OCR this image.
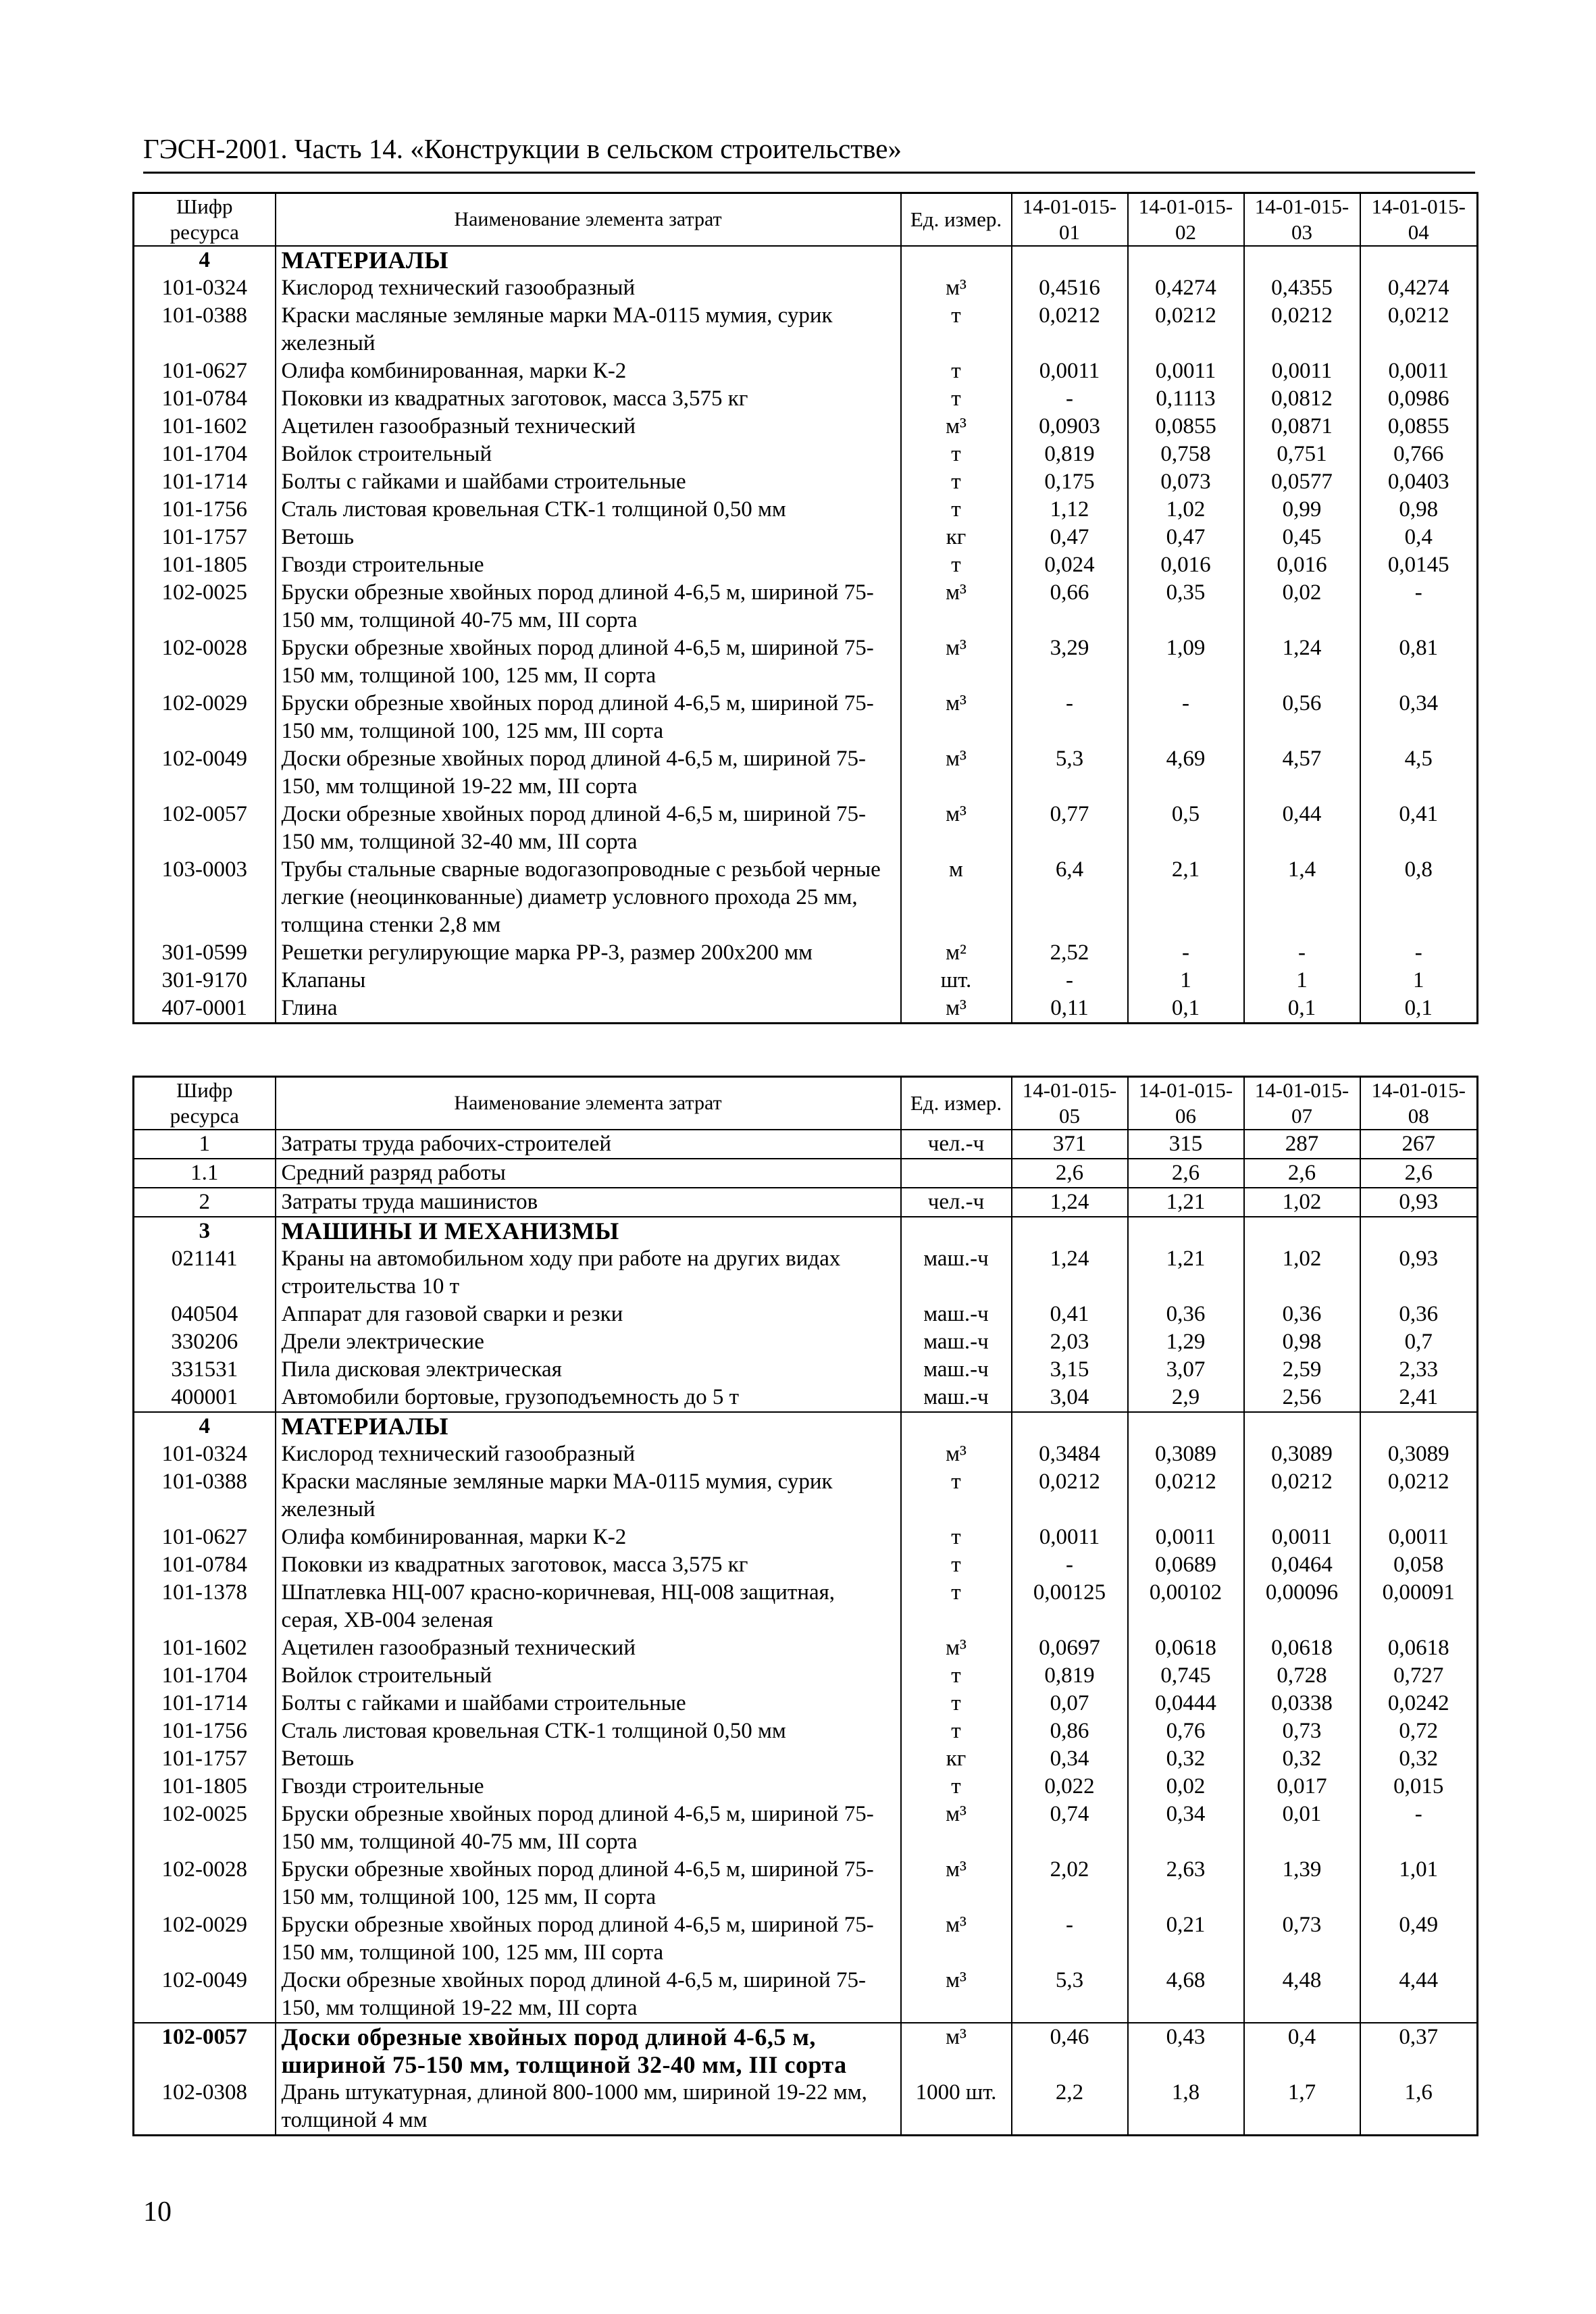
ГЭСН-2001. Часть 14. «Конструкции в сельском строительстве»
Шифр ресурса	Наименование элемента затрат	Ед. измер.	14-01-015-01	14-01-015-02	14-01-015-03	14-01-015-04
4	МАТЕРИАЛЫ					
101-0324	Кислород технический газообразный	м³	0,4516	0,4274	0,4355	0,4274
101-0388	Краски масляные земляные марки МА-0115 мумия, сурик железный	т	0,0212	0,0212	0,0212	0,0212
101-0627	Олифа комбинированная, марки К-2	т	0,0011	0,0011	0,0011	0,0011
101-0784	Поковки из квадратных заготовок, масса 3,575 кг	т	-	0,1113	0,0812	0,0986
101-1602	Ацетилен газообразный технический	м³	0,0903	0,0855	0,0871	0,0855
101-1704	Войлок строительный	т	0,819	0,758	0,751	0,766
101-1714	Болты с гайками и шайбами строительные	т	0,175	0,073	0,0577	0,0403
101-1756	Сталь листовая кровельная СТК-1 толщиной 0,50 мм	т	1,12	1,02	0,99	0,98
101-1757	Ветошь	кг	0,47	0,47	0,45	0,4
101-1805	Гвозди строительные	т	0,024	0,016	0,016	0,0145
102-0025	Бруски обрезные хвойных пород длиной 4-6,5 м, шириной 75-150 мм, толщиной 40-75 мм, III сорта	м³	0,66	0,35	0,02	-
102-0028	Бруски обрезные хвойных пород длиной 4-6,5 м, шириной 75-150 мм, толщиной 100, 125 мм, II сорта	м³	3,29	1,09	1,24	0,81
102-0029	Бруски обрезные хвойных пород длиной 4-6,5 м, шириной 75-150 мм, толщиной 100, 125 мм, III сорта	м³	-	-	0,56	0,34
102-0049	Доски обрезные хвойных пород длиной 4-6,5 м, шириной 75-150, мм толщиной 19-22 мм, III сорта	м³	5,3	4,69	4,57	4,5
102-0057	Доски обрезные хвойных пород длиной 4-6,5 м, шириной 75-150 мм, толщиной 32-40 мм, III сорта	м³	0,77	0,5	0,44	0,41
103-0003	Трубы стальные сварные водогазопроводные с резьбой черные легкие (неоцинкованные) диаметр условного прохода 25 мм, толщина стенки 2,8 мм	м	6,4	2,1	1,4	0,8
301-0599	Решетки регулирующие марка РР-3, размер 200х200 мм	м²	2,52	-	-	-
301-9170	Клапаны	шт.	-	1	1	1
407-0001	Глина	м³	0,11	0,1	0,1	0,1
Шифр ресурса	Наименование элемента затрат	Ед. измер.	14-01-015-05	14-01-015-06	14-01-015-07	14-01-015-08
1	Затраты труда рабочих-строителей	чел.-ч	371	315	287	267
1.1	Средний разряд работы		2,6	2,6	2,6	2,6
2	Затраты труда машинистов	чел.-ч	1,24	1,21	1,02	0,93
3	МАШИНЫ И МЕХАНИЗМЫ					
021141	Краны на автомобильном ходу при работе на других видах строительства 10 т	маш.-ч	1,24	1,21	1,02	0,93
040504	Аппарат для газовой сварки и резки	маш.-ч	0,41	0,36	0,36	0,36
330206	Дрели электрические	маш.-ч	2,03	1,29	0,98	0,7
331531	Пила дисковая электрическая	маш.-ч	3,15	3,07	2,59	2,33
400001	Автомобили бортовые, грузоподъемность до 5 т	маш.-ч	3,04	2,9	2,56	2,41
4	МАТЕРИАЛЫ					
101-0324	Кислород технический газообразный	м³	0,3484	0,3089	0,3089	0,3089
101-0388	Краски масляные земляные марки МА-0115 мумия, сурик железный	т	0,0212	0,0212	0,0212	0,0212
101-0627	Олифа комбинированная, марки К-2	т	0,0011	0,0011	0,0011	0,0011
101-0784	Поковки из квадратных заготовок, масса 3,575 кг	т	-	0,0689	0,0464	0,058
101-1378	Шпатлевка НЦ-007 красно-коричневая, НЦ-008 защитная, серая, ХВ-004 зеленая	т	0,00125	0,00102	0,00096	0,00091
101-1602	Ацетилен газообразный технический	м³	0,0697	0,0618	0,0618	0,0618
101-1704	Войлок строительный	т	0,819	0,745	0,728	0,727
101-1714	Болты с гайками и шайбами строительные	т	0,07	0,0444	0,0338	0,0242
101-1756	Сталь листовая кровельная СТК-1 толщиной 0,50 мм	т	0,86	0,76	0,73	0,72
101-1757	Ветошь	кг	0,34	0,32	0,32	0,32
101-1805	Гвозди строительные	т	0,022	0,02	0,017	0,015
102-0025	Бруски обрезные хвойных пород длиной 4-6,5 м, шириной 75-150 мм, толщиной 40-75 мм, III сорта	м³	0,74	0,34	0,01	-
102-0028	Бруски обрезные хвойных пород длиной 4-6,5 м, шириной 75-150 мм, толщиной 100, 125 мм, II сорта	м³	2,02	2,63	1,39	1,01
102-0029	Бруски обрезные хвойных пород длиной 4-6,5 м, шириной 75-150 мм, толщиной 100, 125 мм, III сорта	м³	-	0,21	0,73	0,49
102-0049	Доски обрезные хвойных пород длиной 4-6,5 м, шириной 75-150, мм толщиной 19-22 мм, III сорта	м³	5,3	4,68	4,48	4,44
102-0057	Доски обрезные хвойных пород длиной 4-6,5 м, шириной 75-150 мм, толщиной 32-40 мм, III сорта	м³	0,46	0,43	0,4	0,37
102-0308	Дрань штукатурная, длиной 800-1000 мм, шириной 19-22 мм, толщиной 4 мм	1000 шт.	2,2	1,8	1,7	1,6
10
